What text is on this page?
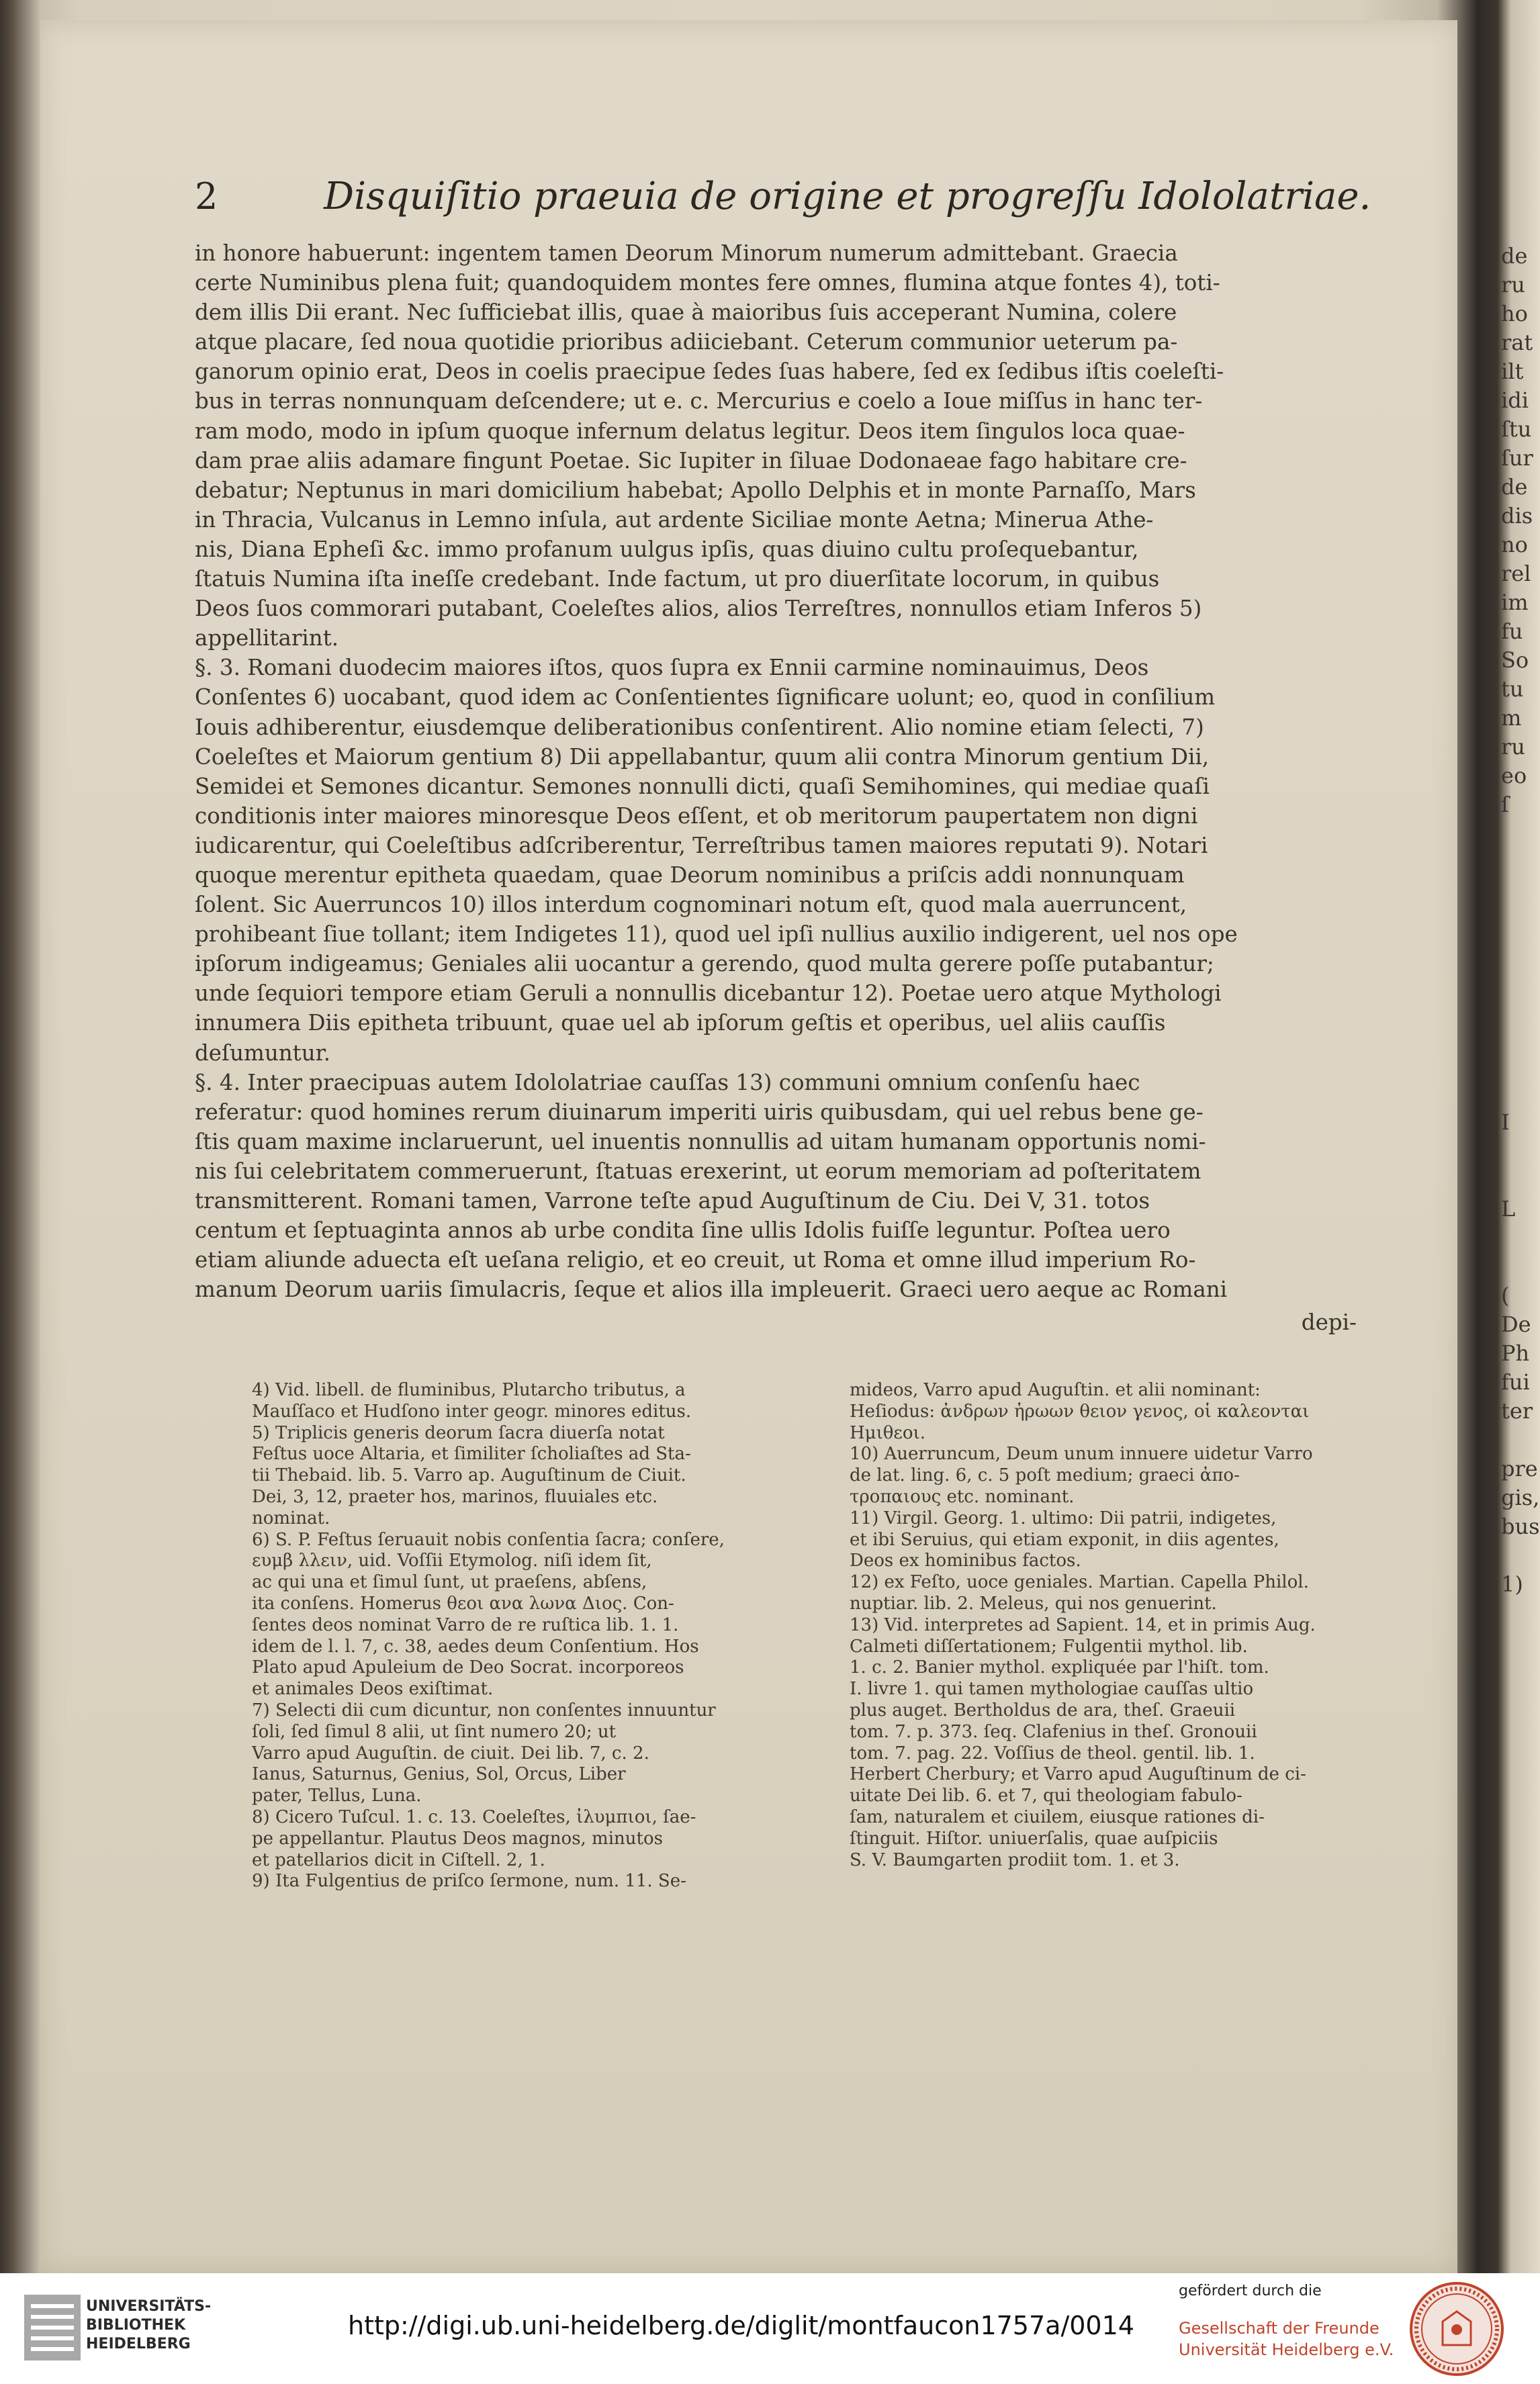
2	Disquiſitio praeuia de origine et progreſſu Idololatriae.
in honore habuerunt: ingentem tamen Deorum Minorum numerum admittebant. Graecia
certe Numinibus plena fuit; quandoquidem montes fere omnes, flumina atque fontes 4), toti-
dem illis Dii erant. Nec ſufficiebat illis, quae à maioribus ſuis acceperant Numina, colere
atque placare, ſed noua quotidie prioribus adiiciebant. Ceterum communior ueterum pa-
ganorum opinio erat, Deos in coelis praecipue ſedes ſuas habere, ſed ex ſedibus iſtis coeleſti-
bus in terras nonnunquam deſcendere; ut e. c. Mercurius e coelo a Ioue miſſus in hanc ter-
ram modo, modo in ipſum quoque infernum delatus legitur. Deos item ſingulos loca quae-
dam prae aliis adamare fingunt Poetae. Sic Iupiter in ſiluae Dodonaeae fago habitare cre-
debatur; Neptunus in mari domicilium habebat; Apollo Delphis et in monte Parnaſſo, Mars
in Thracia, Vulcanus in Lemno inſula, aut ardente Siciliae monte Aetna; Minerua Athe-
nis, Diana Epheſi &c. immo profanum uulgus ipſis, quas diuino cultu proſequebantur,
ſtatuis Numina iſta ineſſe credebant. Inde factum, ut pro diuerſitate locorum, in quibus
Deos ſuos commorari putabant, Coeleſtes alios, alios Terreſtres, nonnullos etiam Inferos 5)
appellitarint.
§. 3. Romani duodecim maiores iſtos, quos ſupra ex Ennii carmine nominauimus, Deos
Conſentes 6) uocabant, quod idem ac Conſentientes ſignificare uolunt; eo, quod in conſilium
Iouis adhiberentur, eiusdemque deliberationibus conſentirent. Alio nomine etiam ſelecti, 7)
Coeleſtes et Maiorum gentium 8) Dii appellabantur, quum alii contra Minorum gentium Dii,
Semidei et Semones dicantur. Semones nonnulli dicti, quaſi Semihomines, qui mediae quaſi
conditionis inter maiores minoresque Deos eſſent, et ob meritorum paupertatem non digni
iudicarentur, qui Coeleſtibus adſcriberentur, Terreſtribus tamen maiores reputati 9). Notari
quoque merentur epitheta quaedam, quae Deorum nominibus a priſcis addi nonnunquam
ſolent. Sic Auerruncos 10) illos interdum cognominari notum eſt, quod mala auerruncent,
prohibeant ſiue tollant; item Indigetes 11), quod uel ipſi nullius auxilio indigerent, uel nos ope
ipſorum indigeamus; Geniales alii uocantur a gerendo, quod multa gerere poſſe putabantur;
unde ſequiori tempore etiam Geruli a nonnullis dicebantur 12). Poetae uero atque Mythologi
innumera Diis epitheta tribuunt, quae uel ab ipſorum geſtis et operibus, uel aliis cauſſis
deſumuntur.
§. 4. Inter praecipuas autem Idololatriae cauſſas 13) communi omnium conſenſu haec
referatur: quod homines rerum diuinarum imperiti uiris quibusdam, qui uel rebus bene ge-
ſtis quam maxime inclaruerunt, uel inuentis nonnullis ad uitam humanam opportunis nomi-
nis ſui celebritatem commeruerunt, ſtatuas erexerint, ut eorum memoriam ad poſteritatem
transmitterent. Romani tamen, Varrone teſte apud Auguſtinum de Ciu. Dei V, 31. totos
centum et ſeptuaginta annos ab urbe condita ſine ullis Idolis fuiſſe leguntur. Poſtea uero
etiam aliunde aduecta eſt ueſana religio, et eo creuit, ut Roma et omne illud imperium Ro-
manum Deorum uariis ſimulacris, ſeque et alios illa impleuerit. Graeci uero aeque ac Romani
depi-
4) Vid. libell. de fluminibus, Plutarcho tributus, a
Mauſſaco et Hudſono inter geogr. minores editus.
5) Triplicis generis deorum ſacra diuerſa notat
Feſtus uoce Altaria, et ſimiliter ſcholiaſtes ad Sta-
tii Thebaid. lib. 5. Varro ap. Auguſtinum de Ciuit.
Dei, 3, 12, praeter hos, marinos, fluuiales etc.
nominat.
6) S. P. Feſtus ſeruauit nobis conſentia ſacra; conſere,
ευμβ λλειν, uid. Voſſii Etymolog. niſi idem ſit,
ac qui una et ſimul ſunt, ut praeſens, abſens,
ita conſens. Homerus θεοι ανα λωνα Διος. Con-
ſentes deos nominat Varro de re ruſtica lib. 1. 1.
idem de l. l. 7, c. 38, aedes deum Conſentium. Hos
Plato apud Apuleium de Deo Socrat. incorporeos
et animales Deos exiſtimat.
7) Selecti dii cum dicuntur, non conſentes innuuntur
ſoli, ſed ſimul 8 alii, ut ſint numero 20; ut
Varro apud Auguſtin. de ciuit. Dei lib. 7, c. 2.
Ianus, Saturnus, Genius, Sol, Orcus, Liber
pater, Tellus, Luna.
8) Cicero Tuſcul. 1. c. 13. Coeleſtes, ἰλυμπιοι, ſae-
pe appellantur. Plautus Deos magnos, minutos
et patellarios dicit in Ciſtell. 2, 1.
9) Ita Fulgentius de priſco ſermone, num. 11. Se-
mideos, Varro apud Auguſtin. et alii nominant:
Heſiodus: ἀνδρων ἡρωων θειον γενος, οἱ καλεονται
Ημιθεοι.
10) Auerruncum, Deum unum innuere uidetur Varro
de lat. ling. 6, c. 5 poſt medium; graeci ἀπο-
τροπαιους etc. nominant.
11) Virgil. Georg. 1. ultimo: Dii patrii, indigetes,
et ibi Seruius, qui etiam exponit, in diis agentes,
Deos ex hominibus factos.
12) ex Feſto, uoce geniales. Martian. Capella Philol.
nuptiar. lib. 2. Meleus, qui nos genuerint.
13) Vid. interpretes ad Sapient. 14, et in primis Aug.
Calmeti diſſertationem; Fulgentii mythol. lib.
1. c. 2. Banier mythol. expliquée par l'hiſt. tom.
I. livre 1. qui tamen mythologiae cauſſas ultio
plus auget. Bertholdus de ara, theſ. Graeuii
tom. 7. p. 373. ſeq. Clafenius in theſ. Gronouii
tom. 7. pag. 22. Voſſius de theol. gentil. lib. 1.
Herbert Cherbury; et Varro apud Auguſtinum de ci-
uitate Dei lib. 6. et 7, qui theologiam fabulo-
ſam, naturalem et ciuilem, eiusque rationes di-
ſtinguit. Hiſtor. uniuerſalis, quae auſpiciis
S. V. Baumgarten prodiit tom. 1. et 3.
de
ru
ho
rat
ilt
idi
ſtu
ſur
de
dis
no
rel
im
fu
So
tu
m
ru
eo
ſ
I
L
(
De
Ph
fui
ter
pre
gis,
bus
1)
UNIVERSITÄTS-
BIBLIOTHEK
HEIDELBERG
http://digi.ub.uni-heidelberg.de/diglit/montfaucon1757a/0014
gefördert durch die
Gesellschaft der Freunde
Universität Heidelberg e.V.
